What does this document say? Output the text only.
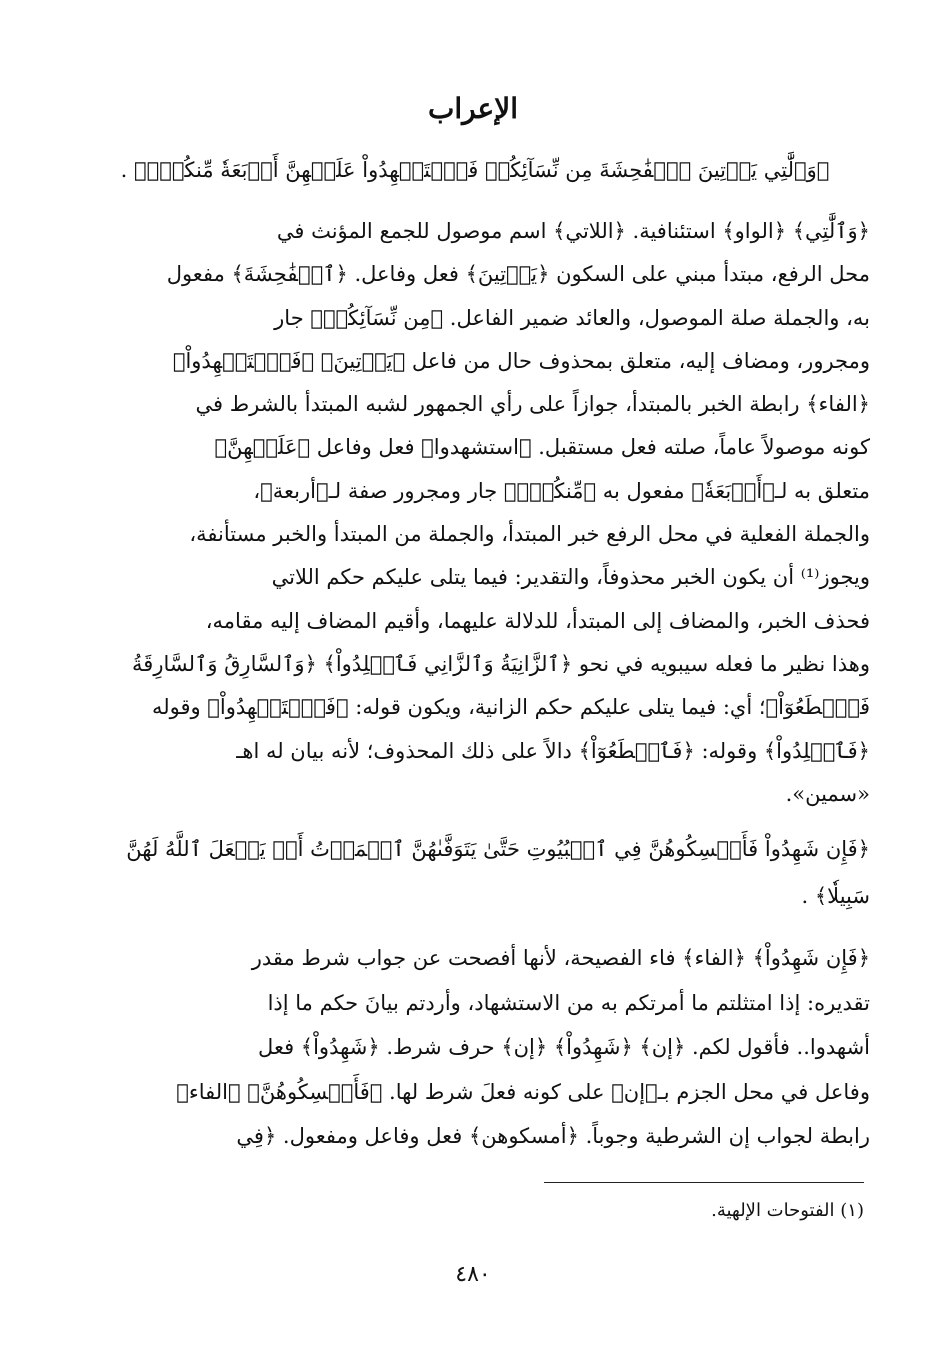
الإعراب
﴿وَٱلَّٰتِي يَأۡتِينَ ٱلۡفَٰحِشَةَ مِن نِّسَآئِكُمۡ فَٱسۡتَشۡهِدُواْ عَلَيۡهِنَّ أَرۡبَعَةٗ مِّنكُمۡۖ﴾ .
﴿وَٱلَّٰتِي﴾ ﴿الواو﴾ استئنافية. ﴿اللاتي﴾ اسم موصول للجمع المؤنث في
محل الرفع، مبتدأ مبني على السكون ﴿يَأۡتِينَ﴾ فعل وفاعل. ﴿ٱلۡفَٰحِشَةَ﴾ مفعول
به، والجملة صلة الموصول، والعائد ضمير الفاعل. ﴿مِن نِّسَآئِكُمۡ﴾ جار
ومجرور، ومضاف إليه، متعلق بمحذوف حال من فاعل ﴿يَأۡتِينَ﴾ ﴿فَٱسۡتَشۡهِدُواْ﴾
﴿الفاء﴾ رابطة الخبر بالمبتدأ، جوازاً على رأي الجمهور لشبه المبتدأ بالشرط في
كونه موصولاً عاماً، صلته فعل مستقبل. ﴿استشهدوا﴾ فعل وفاعل ﴿عَلَيۡهِنَّ﴾
متعلق به لـ﴿أَرۡبَعَةٗ﴾ مفعول به ﴿مِّنكُمۡۖ﴾ جار ومجرور صفة لـ﴿أربعة﴾،
والجملة الفعلية في محل الرفع خبر المبتدأ، والجملة من المبتدأ والخبر مستأنفة،
ويجوز⁽¹⁾ أن يكون الخبر محذوفاً، والتقدير: فيما يتلى عليكم حكم اللاتي
فحذف الخبر، والمضاف إلى المبتدأ، للدلالة عليهما، وأقيم المضاف إليه مقامه،
وهذا نظير ما فعله سيبويه في نحو ﴿ٱلزَّانِيَةُ وَٱلزَّانِي فَٱجۡلِدُواْ﴾ ﴿وَٱلسَّارِقُ وَٱلسَّارِقَةُ
فَٱقۡطَعُوٓاْ﴾؛ أي: فيما يتلى عليكم حكم الزانية، ويكون قوله: ﴿فَٱسۡتَشۡهِدُواْ﴾ وقوله
﴿فَٱجۡلِدُواْ﴾ وقوله: ﴿فَٱقۡطَعُوٓاْ﴾ دالاً على ذلك المحذوف؛ لأنه بيان له اهـ
«سمين».
﴿فَإِن شَهِدُواْ فَأَمۡسِكُوهُنَّ فِي ٱلۡبُيُوتِ حَتَّىٰ يَتَوَفَّىٰهُنَّ ٱلۡمَوۡتُ أَوۡ يَجۡعَلَ ٱللَّهُ لَهُنَّ
سَبِيلٗا﴾ .
﴿فَإِن شَهِدُواْ﴾ ﴿الفاء﴾ فاء الفصيحة، لأنها أفصحت عن جواب شرط مقدر
تقديره: إذا امتثلتم ما أمرتكم به من الاستشهاد، وأردتم بيانَ حكم ما إذا
أشهدوا.. فأقول لكم. ﴿إن﴾ ﴿شَهِدُواْ﴾ ﴿إن﴾ حرف شرط. ﴿شَهِدُواْ﴾ فعل
وفاعل في محل الجزم بـ﴿إن﴾ على كونه فعلَ شرط لها. ﴿فَأَمۡسِكُوهُنَّ﴾ ﴿الفاء﴾
رابطة لجواب إن الشرطية وجوباً. ﴿أمسكوهن﴾ فعل وفاعل ومفعول. ﴿فِي
(١) الفتوحات الإلهية.
٤٨٠
